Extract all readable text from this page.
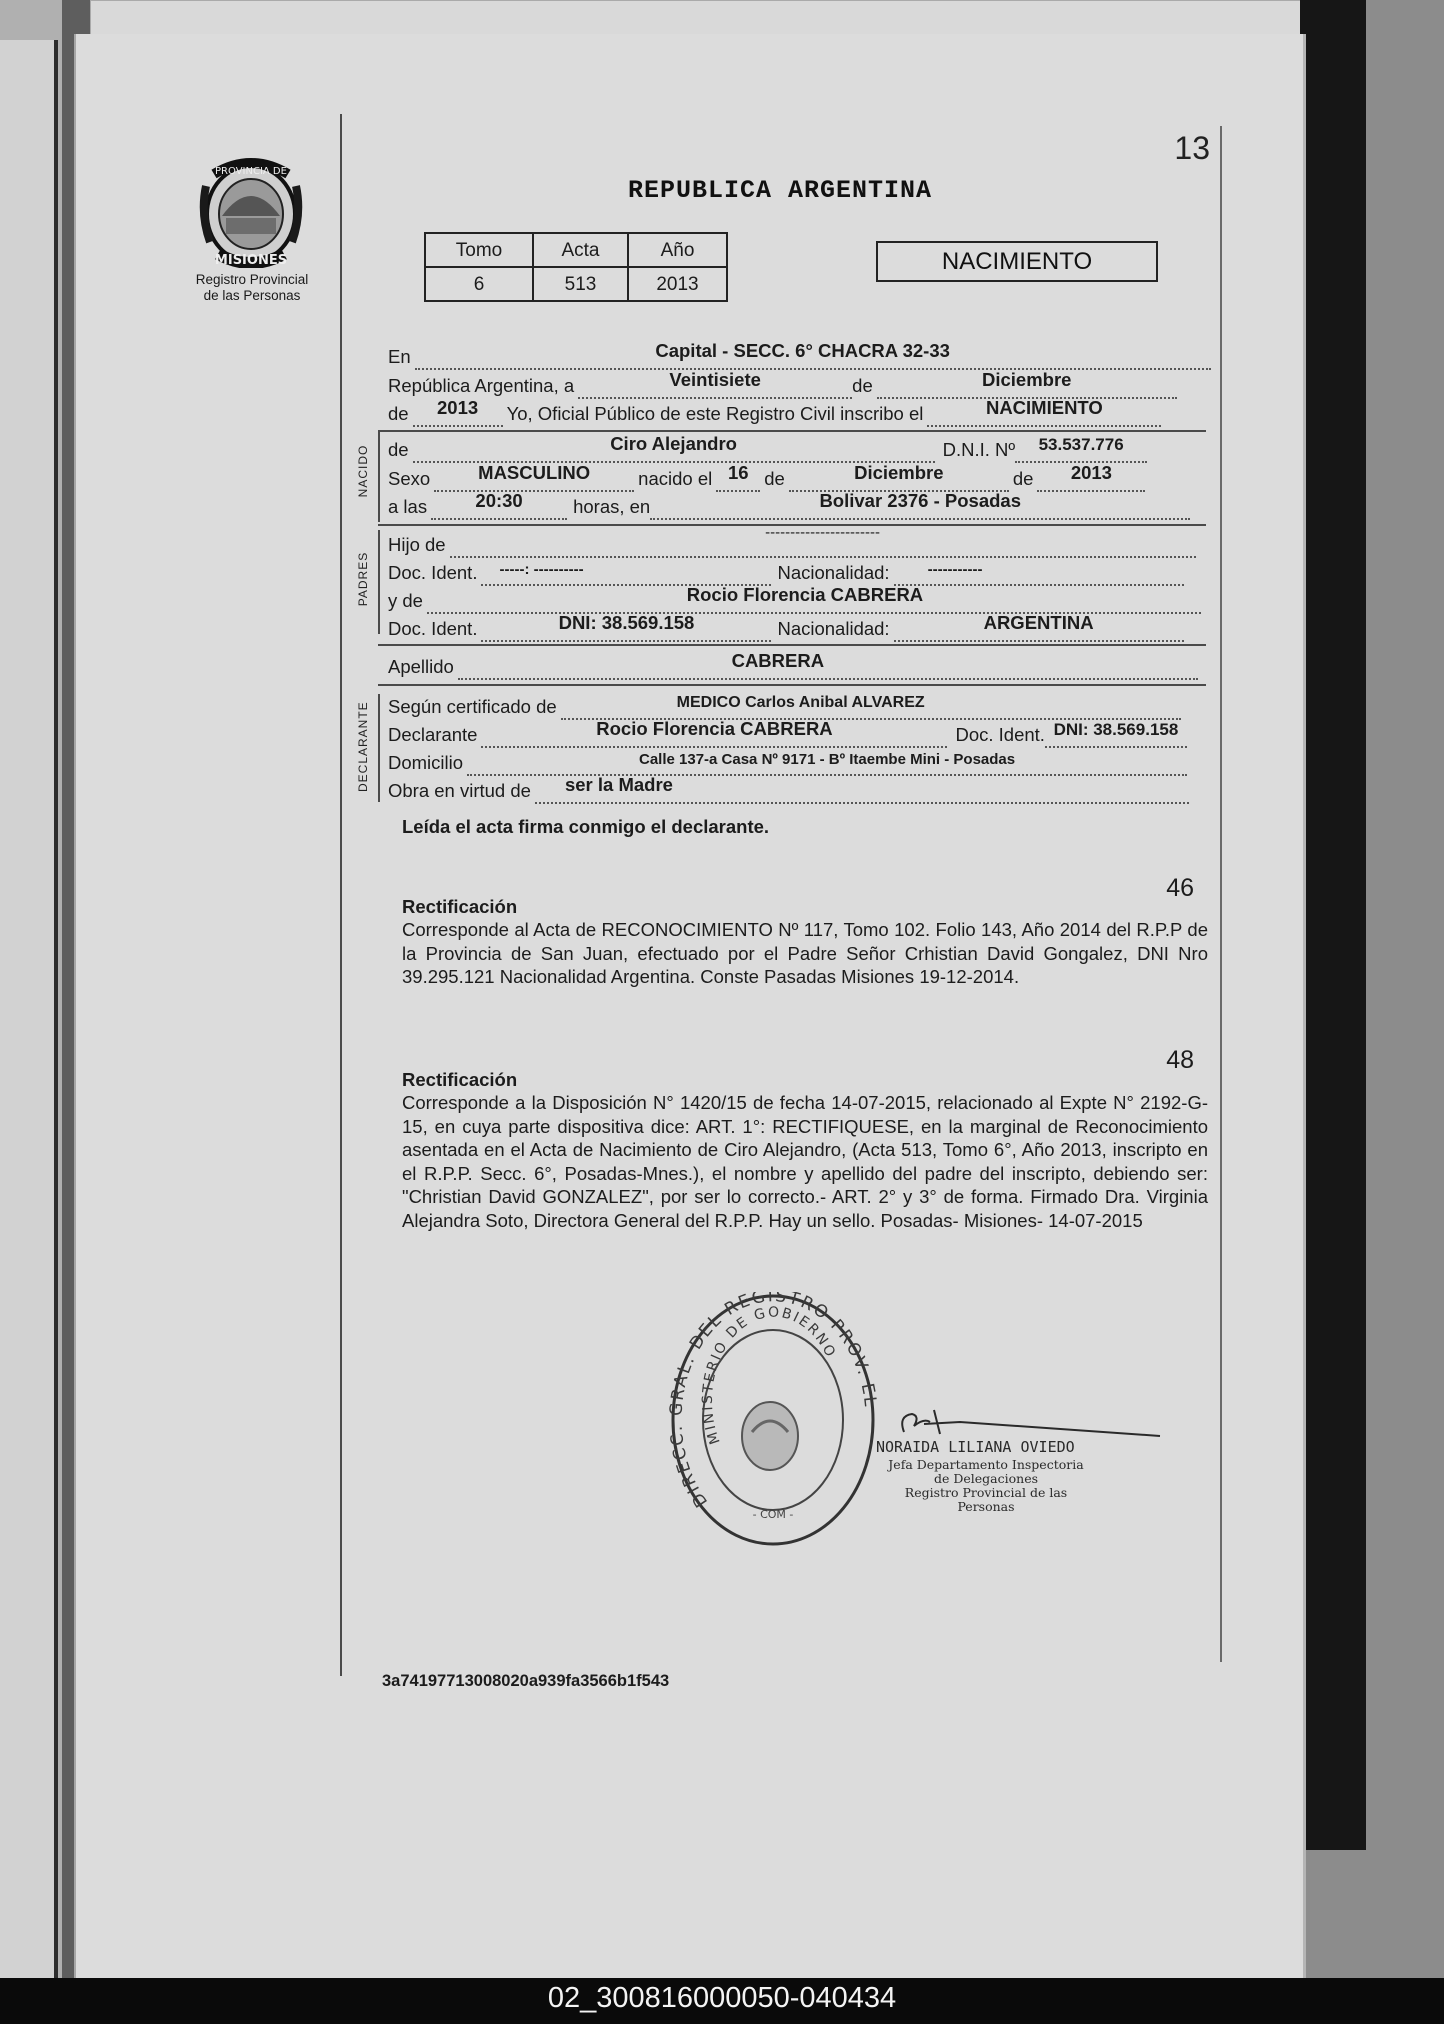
13
PROVINCIA DE
MISIONES
Registro Provincial
de las Personas
REPUBLICA ARGENTINA
Tomo	Acta	Año
6	513	2013
NACIMIENTO
En	Capital - SECC. 6° CHACRA 32-33
República Argentina, a	Veintisiete	de	Diciembre
de 2013 Yo, Oficial Público de este Registro Civil inscribo el	NACIMIENTO
NACIDO de	Ciro Alejandro	D.N.I. Nº 53.537.776
Sexo	MASCULINO	nacido el 16 de	Diciembre	de 2013
a las	20:30	horas, en	Bolivar 2376 - Posadas
PADRES
Hijo de
-----------------------
Doc. Ident. -----: ----------	Nacionalidad:	-----------
y de	Rocio Florencia CABRERA
Doc. Ident.	DNI: 38.569.158	Nacionalidad:	ARGENTINA
Apellido	CABRERA
DECLARANTE Según certificado de	MEDICO Carlos Anibal ALVAREZ
Declarante	Rocio Florencia CABRERA	Doc. Ident. DNI: 38.569.158
Domicilio	Calle 137-a Casa Nº 9171 - Bº Itaembe Mini - Posadas
Obra en virtud de ser la Madre
Leída el acta firma conmigo el declarante.
46
Rectificación
Corresponde al Acta de RECONOCIMIENTO Nº 117, Tomo 102. Folio 143, Año 2014 del R.P.P de la Provincia de San Juan, efectuado por el Padre Señor Crhistian David Gongalez, DNI Nro 39.295.121 Nacionalidad Argentina. Conste Pasadas Misiones 19-12-2014.
48
Rectificación
Corresponde a la Disposición N° 1420/15 de fecha 14-07-2015, relacionado al Expte N° 2192-G-15, en cuya parte dispositiva dice: ART. 1°: RECTIFIQUESE, en la marginal de Reconocimiento asentada en el Acta de Nacimiento de Ciro Alejandro, (Acta 513, Tomo 6°, Año 2013, inscripto en el R.P.P. Secc. 6°, Posadas-Mnes.), el nombre y apellido del padre del inscripto, debiendo ser: "Christian David GONZALEZ", por ser lo correcto.- ART. 2° y 3° de forma. Firmado Dra. Virginia Alejandra Soto, Directora General del R.P.P. Hay un sello. Posadas- Misiones- 14-07-2015
DIRECC. GRAL. DEL REGISTRO PROV. E
MINISTERIO DE GOBIERNO
- COM -
NORAIDA LILIANA OVIEDO
Jefa Departamento Inspectoria
de Delegaciones
Registro Provincial de las Personas
3a74197713008020a939fa3566b1f543
02_300816000050-040434
